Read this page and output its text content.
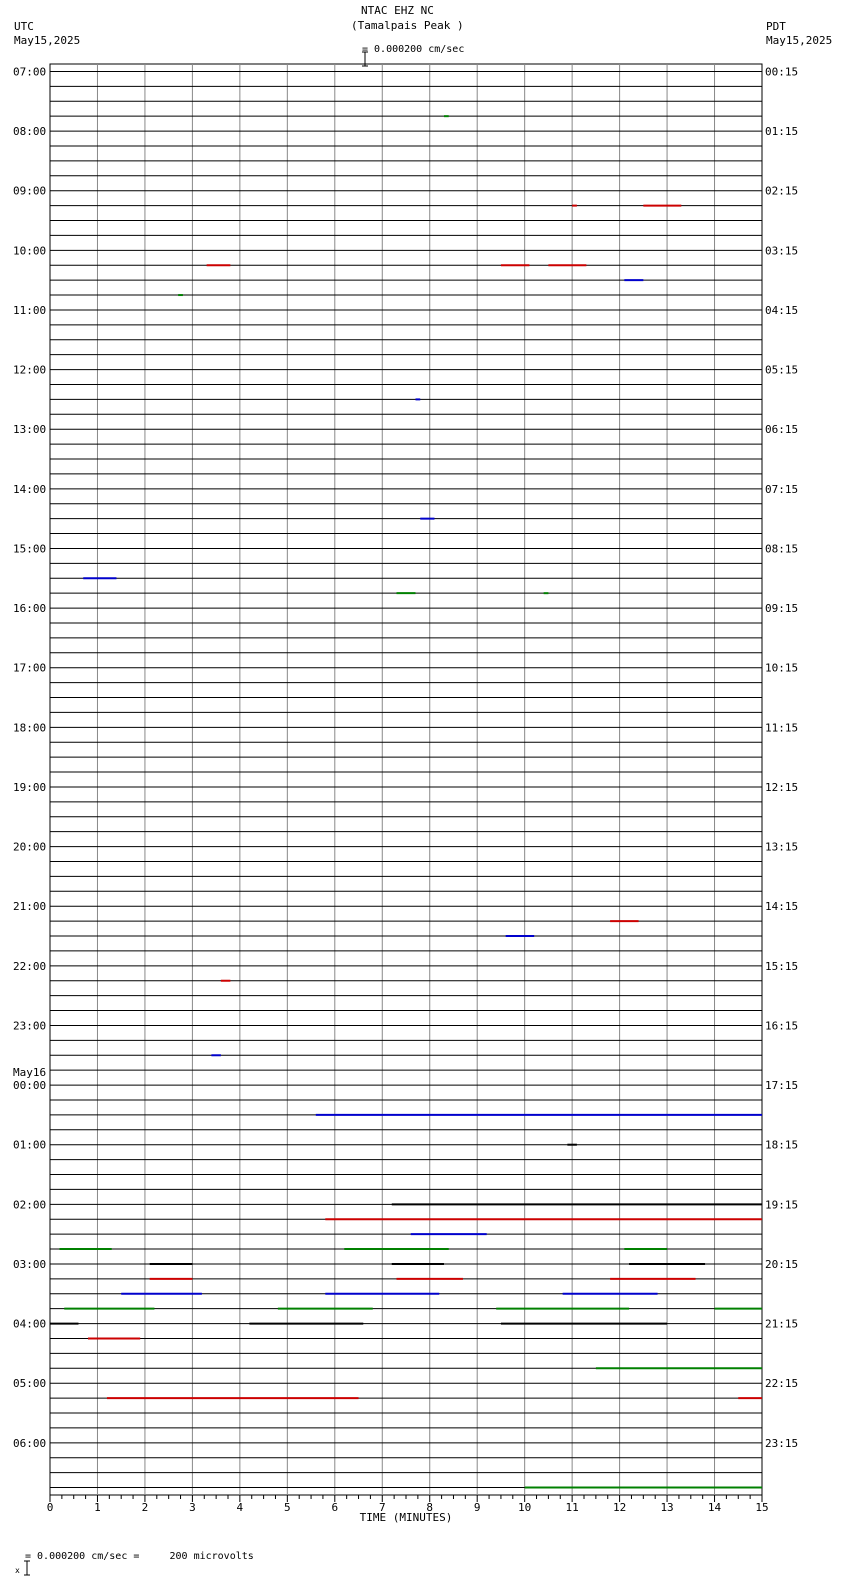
07:00
08:00
09:00
10:00
11:00
12:00
13:00
14:00
15:00
16:00
17:00
18:00
19:00
20:00
21:00
22:00
23:00
00:00
May16
01:00
02:00
03:00
04:00
05:00
06:00
00:15
01:15
02:15
03:15
04:15
05:15
06:15
07:15
08:15
09:15
10:15
11:15
12:15
13:15
14:15
15:15
16:15
17:15
18:15
19:15
20:15
21:15
22:15
23:15
0	1	2	3	4	5	6	7	8	9	10	11	12	13	14	15
TIME (MINUTES)
NTAC EHZ NC
(Tamalpais Peak )

= 0.000200 cm/sec
UTC
May15,2025
PDT
May15,2025

x

= 0.000200 cm/sec =     200 microvolts
